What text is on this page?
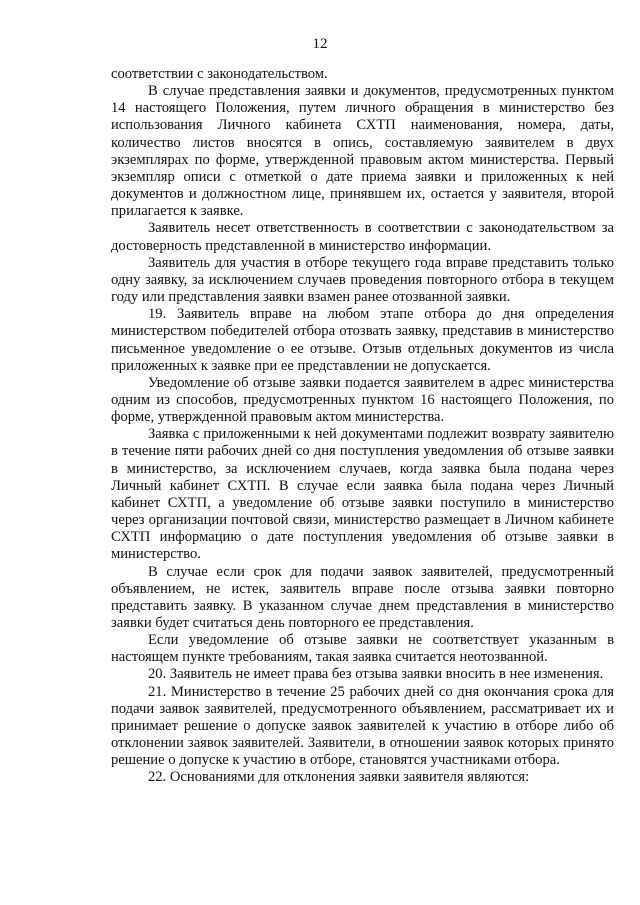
12

соответствии с законодательством.

В случае представления заявки и документов, предусмотренных пунктом 14 настоящего Положения, путем личного обращения в министерство без использования Личного кабинета СХТП наименования, номера, даты, количество листов вносятся в опись, составляемую заявителем в двух экземплярах по форме, утвержденной правовым актом министерства. Первый экземпляр описи с отметкой о дате приема заявки и приложенных к ней документов и должностном лице, принявшем их, остается у заявителя, второй прилагается к заявке.

Заявитель несет ответственность в соответствии с законодательством за достоверность представленной в министерство информации.

Заявитель для участия в отборе текущего года вправе представить только одну заявку, за исключением случаев проведения повторного отбора в текущем году или представления заявки взамен ранее отозванной заявки.

19. Заявитель вправе на любом этапе отбора до дня определения министерством победителей отбора отозвать заявку, представив в министерство письменное уведомление о ее отзыве. Отзыв отдельных документов из числа приложенных к заявке при ее представлении не допускается.

Уведомление об отзыве заявки подается заявителем в адрес министерства одним из способов, предусмотренных пунктом 16 настоящего Положения, по форме, утвержденной правовым актом министерства.

Заявка с приложенными к ней документами подлежит возврату заявителю в течение пяти рабочих дней со дня поступления уведомления об отзыве заявки в министерство, за исключением случаев, когда заявка была подана через Личный кабинет СХТП. В случае если заявка была подана через Личный кабинет СХТП, а уведомление об отзыве заявки поступило в министерство через организации почтовой связи, министерство размещает в Личном кабинете СХТП информацию о дате поступления уведомления об отзыве заявки в министерство.

В случае если срок для подачи заявок заявителей, предусмотренный объявлением, не истек, заявитель вправе после отзыва заявки повторно представить заявку. В указанном случае днем представления в министерство заявки будет считаться день повторного ее представления.

Если уведомление об отзыве заявки не соответствует указанным в настоящем пункте требованиям, такая заявка считается неотозванной.

20. Заявитель не имеет права без отзыва заявки вносить в нее изменения.

21. Министерство в течение 25 рабочих дней со дня окончания срока для подачи заявок заявителей, предусмотренного объявлением, рассматривает их и принимает решение о допуске заявок заявителей к участию в отборе либо об отклонении заявок заявителей. Заявители, в отношении заявок которых принято решение о допуске к участию в отборе, становятся участниками отбора.

22. Основаниями для отклонения заявки заявителя являются:
